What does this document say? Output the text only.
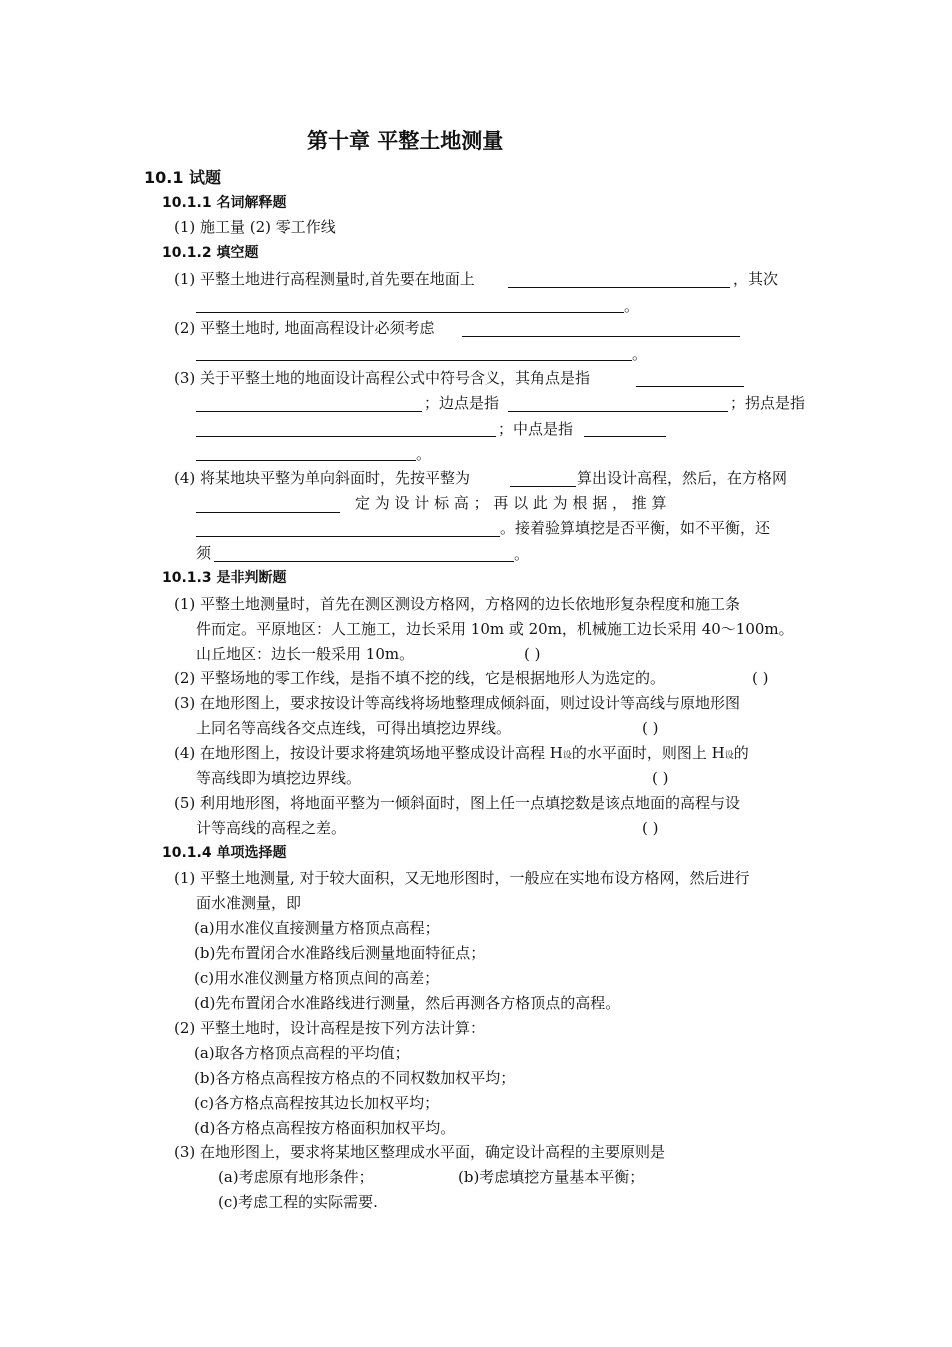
第十章 平整土地测量
10.1 试题
10.1.1 名词解释题
(1) 施工量 (2) 零工作线
10.1.2 填空题
(1) 平整土地进行高程测量时,首先要在地面上	，其次
。
(2) 平整土地时, 地面高程设计必须考虑
。
(3) 关于平整土地的地面设计高程公式中符号含义，其角点是指
；边点是指	；拐点是指
；中点是指
。
(4) 将某地块平整为单向斜面时，先按平整为	算出设计高程，然后，在方格网
定 为 设 计 标 高 ； 再 以 此 为 根 据 ， 推 算
。接着验算填挖是否平衡，如不平衡，还
须	。
10.1.3 是非判断题
(1) 平整土地测量时，首先在测区测设方格网，方格网的边长依地形复杂程度和施工条
件而定。平原地区：人工施工，边长采用 10m 或 20m，机械施工边长采用 40～100m。
山丘地区：边长一般采用 10m。	( )
(2) 平整场地的零工作线，是指不填不挖的线，它是根据地形人为选定的。	( )
(3) 在地形图上，要求按设计等高线将场地整理成倾斜面，则过设计等高线与原地形图
上同名等高线各交点连线，可得出填挖边界线。	( )
(4) 在地形图上，按设计要求将建筑场地平整成设计高程 H设的水平面时，则图上 H设的
等高线即为填挖边界线。	( )
(5) 利用地形图，将地面平整为一倾斜面时，图上任一点填挖数是该点地面的高程与设
计等高线的高程之差。	( )
10.1.4 单项选择题
(1) 平整土地测量, 对于较大面积，又无地形图时，一般应在实地布设方格网，然后进行
面水准测量，即
(a)用水准仪直接测量方格顶点高程；
(b)先布置闭合水准路线后测量地面特征点；
(c)用水准仪测量方格顶点间的高差；
(d)先布置闭合水准路线进行测量，然后再测各方格顶点的高程。
(2) 平整土地时，设计高程是按下列方法计算：
(a)取各方格顶点高程的平均值；
(b)各方格点高程按方格点的不同权数加权平均；
(c)各方格点高程按其边长加权平均；
(d)各方格点高程按方格面积加权平均。
(3) 在地形图上，要求将某地区整理成水平面，确定设计高程的主要原则是
(a)考虑原有地形条件；	(b)考虑填挖方量基本平衡；
(c)考虑工程的实际需要.
